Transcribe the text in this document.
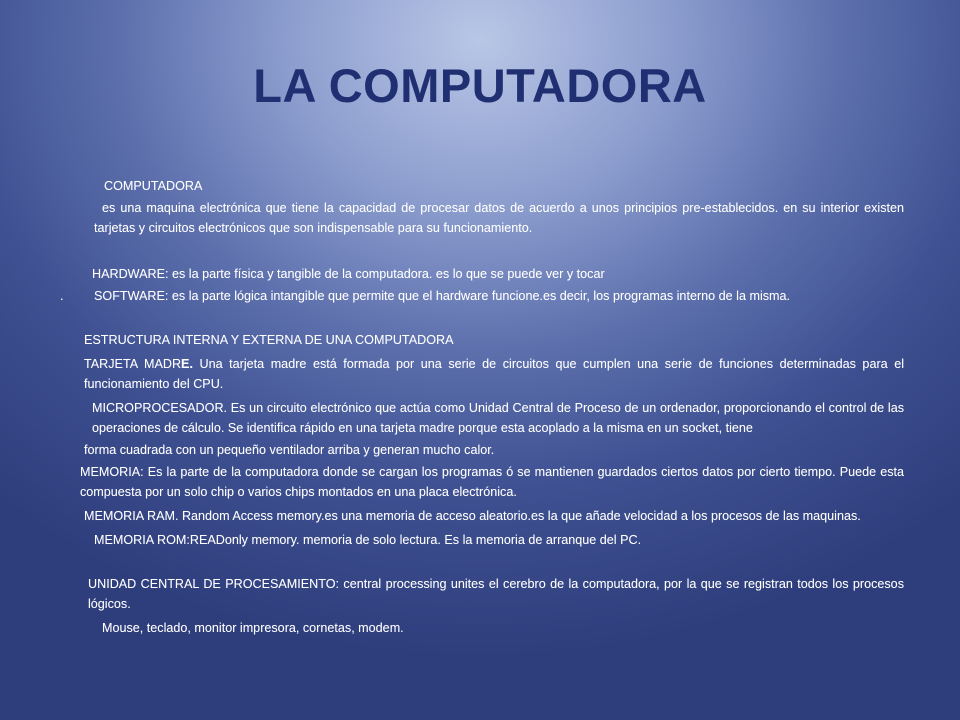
LA COMPUTADORA

COMPUTADORA

es una maquina electrónica que tiene la capacidad de procesar datos de acuerdo a unos principios pre-establecidos. en su interior existen tarjetas y circuitos electrónicos que son indispensable para su funcionamiento.

HARDWARE: es la parte física y tangible de la computadora. es lo que se puede ver y tocar

. SOFTWARE: es la parte lógica intangible que permite que el hardware funcione.es decir, los programas interno de la misma.

ESTRUCTURA INTERNA Y EXTERNA DE UNA COMPUTADORA

TARJETA MADRE. Una tarjeta madre está formada por una serie de circuitos que cumplen una serie de funciones determinadas para el funcionamiento del CPU.

MICROPROCESADOR. Es un circuito electrónico que actúa como Unidad Central de Proceso de un ordenador, proporcionando el control de las operaciones de cálculo. Se identifica rápido en una tarjeta madre porque esta acoplado a la misma en un socket, tiene

forma cuadrada con un pequeño ventilador arriba y generan mucho calor.

MEMORIA: Es la parte de la computadora donde se cargan los programas ó se mantienen guardados ciertos datos por cierto tiempo. Puede esta compuesta por un solo chip o varios chips montados en una placa electrónica.

MEMORIA RAM. Random Access memory.es una memoria de acceso aleatorio.es la que añade velocidad a los procesos de las maquinas.

MEMORIA ROM:READonly memory. memoria de solo lectura. Es la memoria de arranque del PC.

UNIDAD CENTRAL DE PROCESAMIENTO: central processing unites el cerebro de la computadora, por la que se registran todos los procesos lógicos.

Mouse, teclado, monitor impresora, cornetas, modem.
